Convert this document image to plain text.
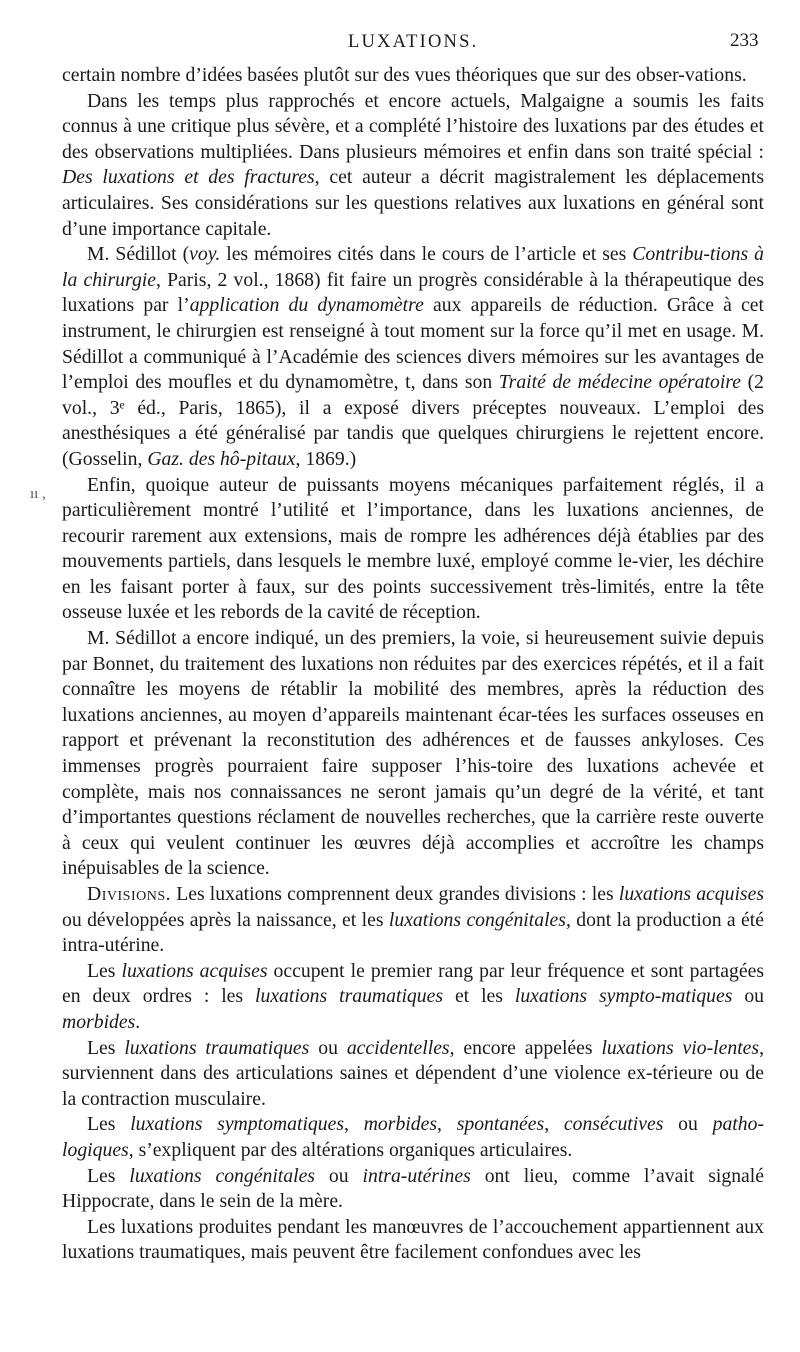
LUXATIONS.	233
ıı ,

certain nombre d’idées basées plutôt sur des vues théoriques que sur des obser-vations.

Dans les temps plus rapprochés et encore actuels, Malgaigne a soumis les faits connus à une critique plus sévère, et a complété l’histoire des luxations par des études et des observations multipliées. Dans plusieurs mémoires et enfin dans son traité spécial : Des luxations et des fractures, cet auteur a décrit magistralement les déplacements articulaires. Ses considérations sur les questions relatives aux luxations en général sont d’une importance capitale.

M. Sédillot (voy. les mémoires cités dans le cours de l’article et ses Contribu-tions à la chirurgie, Paris, 2 vol., 1868) fit faire un progrès considérable à la thérapeutique des luxations par l’application du dynamomètre aux appareils de réduction. Grâce à cet instrument, le chirurgien est renseigné à tout moment sur la force qu’il met en usage. M. Sédillot a communiqué à l’Académie des sciences divers mémoires sur les avantages de l’emploi des moufles et du dynamomètre, t, dans son Traité de médecine opératoire (2 vol., 3ᵉ éd., Paris, 1865), il a exposé divers préceptes nouveaux. L’emploi des anesthésiques a été généralisé par tandis que quelques chirurgiens le rejettent encore. (Gosselin, Gaz. des hô-pitaux, 1869.)

Enfin, quoique auteur de puissants moyens mécaniques parfaitement réglés, il a particulièrement montré l’utilité et l’importance, dans les luxations anciennes, de recourir rarement aux extensions, mais de rompre les adhérences déjà établies par des mouvements partiels, dans lesquels le membre luxé, employé comme le-vier, les déchire en les faisant porter à faux, sur des points successivement très-limités, entre la tête osseuse luxée et les rebords de la cavité de réception.

M. Sédillot a encore indiqué, un des premiers, la voie, si heureusement suivie depuis par Bonnet, du traitement des luxations non réduites par des exercices répétés, et il a fait connaître les moyens de rétablir la mobilité des membres, après la réduction des luxations anciennes, au moyen d’appareils maintenant écar-tées les surfaces osseuses en rapport et prévenant la reconstitution des adhérences et de fausses ankyloses. Ces immenses progrès pourraient faire supposer l’his-toire des luxations achevée et complète, mais nos connaissances ne seront jamais qu’un degré de la vérité, et tant d’importantes questions réclament de nouvelles recherches, que la carrière reste ouverte à ceux qui veulent continuer les œuvres déjà accomplies et accroître les champs inépuisables de la science.

Divisions. Les luxations comprennent deux grandes divisions : les luxations acquises ou développées après la naissance, et les luxations congénitales, dont la production a été intra-utérine.

Les luxations acquises occupent le premier rang par leur fréquence et sont partagées en deux ordres : les luxations traumatiques et les luxations sympto-matiques ou morbides.

Les luxations traumatiques ou accidentelles, encore appelées luxations vio-lentes, surviennent dans des articulations saines et dépendent d’une violence ex-térieure ou de la contraction musculaire.

Les luxations symptomatiques, morbides, spontanées, consécutives ou patho-logiques, s’expliquent par des altérations organiques articulaires.

Les luxations congénitales ou intra-utérines ont lieu, comme l’avait signalé Hippocrate, dans le sein de la mère.

Les luxations produites pendant les manœuvres de l’accouchement appartiennent aux luxations traumatiques, mais peuvent être facilement confondues avec les
